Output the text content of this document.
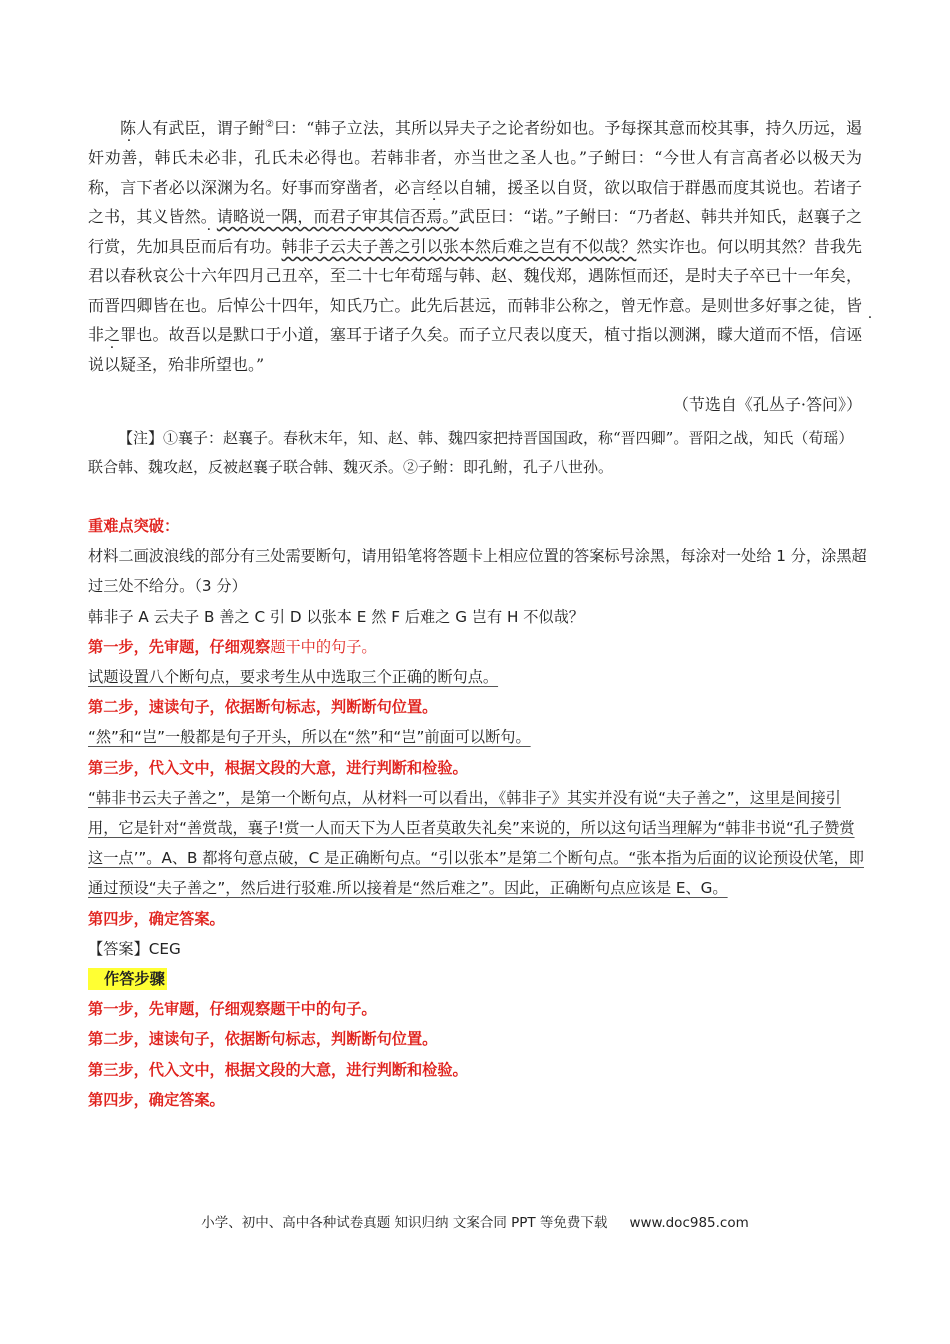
陈人有武臣，谓子鲋②曰：“韩子立法，其所以异夫子之论者纷如也。予每探其意而校其事，持久历远，遏奸劝善，韩氏未必非，孔氏未必得也。若韩非者，亦当世之圣人也。”子鲋曰：“今世人有言高者必以极天为称，言下者必以深渊为名。好事而穿凿者，必言经以自辅，援圣以自贤，欲以取信于群愚而度其说也。若诸子之书，其义皆然。请略说一隅，而君子审其信否焉。”武臣曰：“诺。”子鲋曰：“乃者赵、韩共并知氏，赵襄子之行赏，先加具臣而后有功。韩非子云夫子善之引以张本然后难之岂有不似哉？然实诈也。何以明其然？昔我先君以春秋哀公十六年四月己丑卒，至二十七年荀瑶与韩、赵、魏伐郑，遇陈恒而还，是时夫子卒已十一年矣，而晋四卿皆在也。后悼公十四年，知氏乃亡。此先后甚远，而韩非公称之，曾无怍意。是则世多好事之徒，皆非之罪也。故吾以是默口于小道，塞耳于诸子久矣。而子立尺表以度天，植寸指以测渊，矇大道而不悟，信诬说以疑圣，殆非所望也。”

（节选自《孔丛子·答问》）
【注】①襄子：赵襄子。春秋末年，知、赵、韩、魏四家把持晋国国政，称“晋四卿”。晋阳之战，知氏（荀瑶）联合韩、魏攻赵，反被赵襄子联合韩、魏灭杀。②子鲋：即孔鲋，孔子八世孙。
重难点突破：
材料二画波浪线的部分有三处需要断句，请用铅笔将答题卡上相应位置的答案标号涂黑，每涂对一处给 1 分，涂黑超过三处不给分。（3 分）
韩非子 A 云夫子 B 善之 C 引 D 以张本 E 然 F 后难之 G 岂有 H 不似哉？
第一步，先审题，仔细观察题干中的句子。
试题设置八个断句点，要求考生从中选取三个正确的断句点。
第二步，速读句子，依据断句标志，判断断句位置。
“然”和“岂”一般都是句子开头，所以在“然”和“岂”前面可以断句。
第三步，代入文中，根据文段的大意，进行判断和检验。
“韩非书云夫子善之”，是第一个断句点，从材料一可以看出，《韩非子》其实并没有说“夫子善之”，这里是间接引用，它是针对“善赏哉，襄子!赏一人而天下为人臣者莫敢失礼矣”来说的，所以这句话当理解为“韩非书说“孔子赞赏这一点’”。A、B 都将句意点破，C 是正确断句点。“引以张本”是第二个断句点。“张本指为后面的议论预设伏笔，即通过预设“夫子善之”，然后进行驳难.所以接着是“然后难之”。因此，正确断句点应该是 E、G。
第四步，确定答案。
【答案】CEG
作答步骤
第一步，先审题，仔细观察题干中的句子。
第二步，速读句子，依据断句标志，判断断句位置。
第三步，代入文中，根据文段的大意，进行判断和检验。
第四步，确定答案。
小学、初中、高中各种试卷真题 知识归纳 文案合同 PPT 等免费下载 www.doc985.com
